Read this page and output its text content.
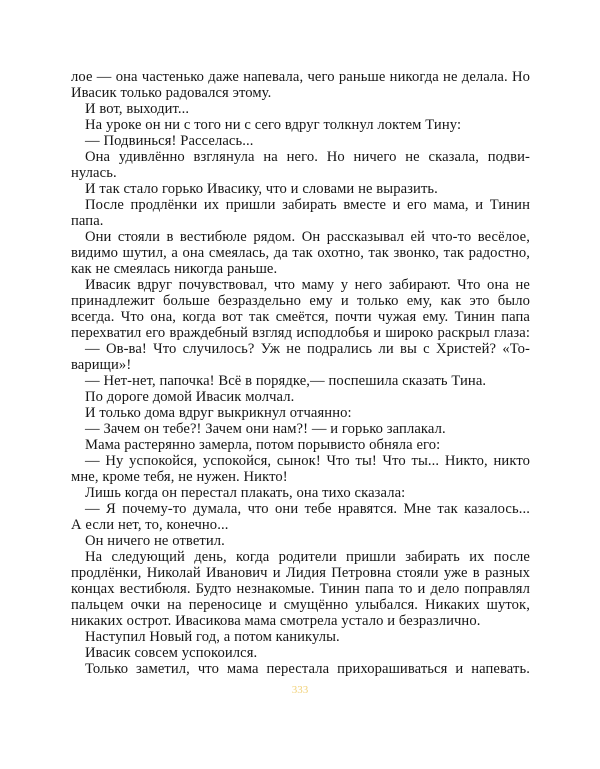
лое — она частенько даже напевала, чего раньше никогда не делала. Но
Ивасик только радовался этому.
И вот, выходит...
На уроке он ни с того ни с сего вдруг толкнул локтем Тину:
— Подвинься! Расселась...
Она удивлённо взглянула на него. Но ничего не сказала, подви-
нулась.
И так стало горько Ивасику, что и словами не выразить.
После продлёнки их пришли забирать вместе и его мама, и Тинин
папа.
Они стояли в вестибюле рядом. Он рассказывал ей что-то весёлое,
видимо шутил, а она смеялась, да так охотно, так звонко, так радостно,
как не смеялась никогда раньше.
Ивасик вдруг почувствовал, что маму у него забирают. Что она не
принадлежит больше безраздельно ему и только ему, как это было
всегда. Что она, когда вот так смеётся, почти чужая ему. Тинин папа
перехватил его враждебный взгляд исподлобья и широко раскрыл глаза:
— Ов-ва! Что случилось? Уж не подрались ли вы с Христей? «То-
варищи»!
— Нет-нет, папочка! Всё в порядке,— поспешила сказать Тина.
По дороге домой Ивасик молчал.
И только дома вдруг выкрикнул отчаянно:
— Зачем он тебе?! Зачем они нам?! — и горько заплакал.
Мама растерянно замерла, потом порывисто обняла его:
— Ну успокойся, успокойся, сынок! Что ты! Что ты... Никто, никто
мне, кроме тебя, не нужен. Никто!
Лишь когда он перестал плакать, она тихо сказала:
— Я почему-то думала, что они тебе нравятся. Мне так казалось...
А если нет, то, конечно...
Он ничего не ответил.
На следующий день, когда родители пришли забирать их после
продлёнки, Николай Иванович и Лидия Петровна стояли уже в разных
концах вестибюля. Будто незнакомые. Тинин папа то и дело поправлял
пальцем очки на переносице и смущённо улыбался. Никаких шуток,
никаких острот. Ивасикова мама смотрела устало и безразлично.
Наступил Новый год, а потом каникулы.
Ивасик совсем успокоился.
Только заметил, что мама перестала прихорашиваться и напевать.
333
